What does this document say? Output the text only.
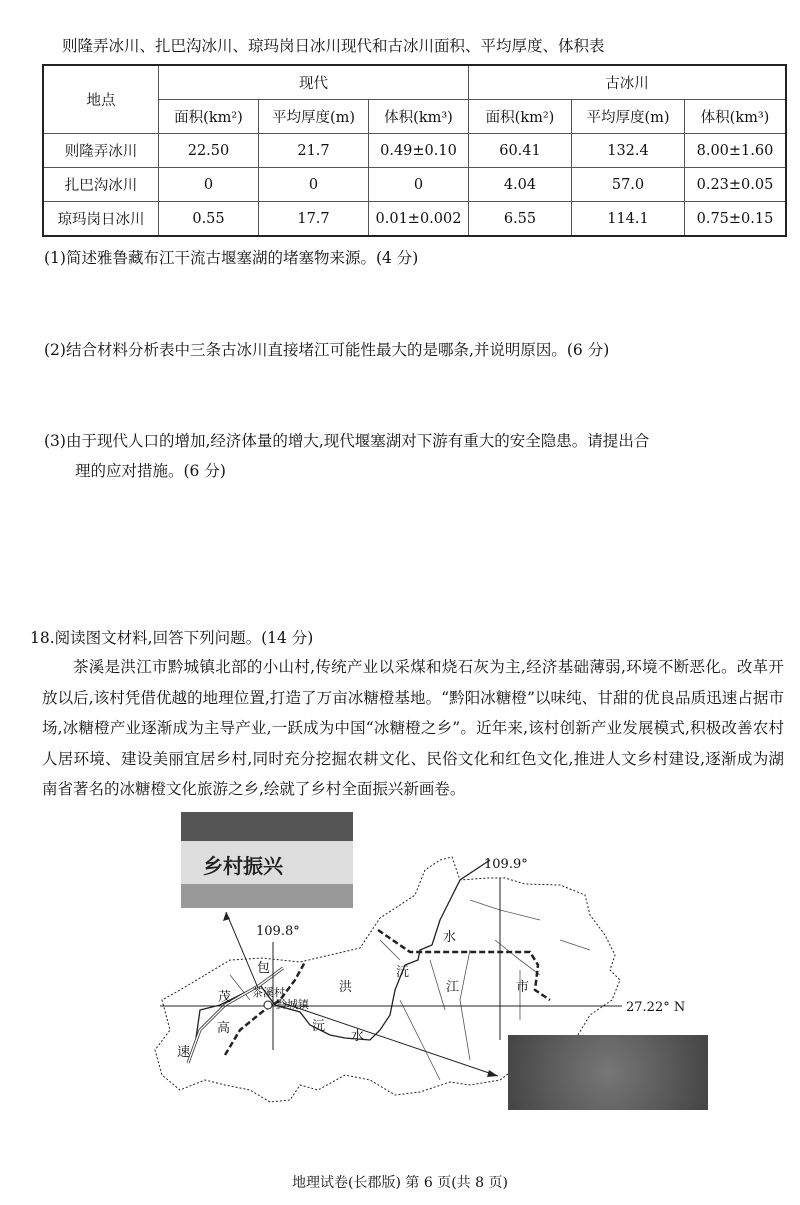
则隆弄冰川、扎巴沟冰川、琼玛岗日冰川现代和古冰川面积、平均厚度、体积表
地点	现代			古冰川		
	面积(km²)	平均厚度(m)	体积(km³)	面积(km²)	平均厚度(m)	体积(km³)
则隆弄冰川	22.50	21.7	0.49±0.10	60.41	132.4	8.00±1.60
扎巴沟冰川	0	0	0	4.04	57.0	0.23±0.05
琼玛岗日冰川	0.55	17.7	0.01±0.002	6.55	114.1	0.75±0.15
(1)简述雅鲁藏布江干流古堰塞湖的堵塞物来源。(4 分)
(2)结合材料分析表中三条古冰川直接堵江可能性最大的是哪条,并说明原因。(6 分)
(3)由于现代人口的增加,经济体量的增大,现代堰塞湖对下游有重大的安全隐患。请提出合
理的应对措施。(6 分)
18.阅读图文材料,回答下列问题。(14 分)
茶溪是洪江市黔城镇北部的小山村,传统产业以采煤和烧石灰为主,经济基础薄弱,环境不断恶化。改革开放以后,该村凭借优越的地理位置,打造了万亩冰糖橙基地。“黔阳冰糖橙”以味纯、甘甜的优良品质迅速占据市场,冰糖橙产业逐渐成为主导产业,一跃成为中国“冰糖橙之乡”。近年来,该村创新产业发展模式,积极改善农村人居环境、建设美丽宜居乡村,同时充分挖掘农耕文化、民俗文化和红色文化,推进人文乡村建设,逐渐成为湖南省著名的冰糖橙文化旅游之乡,绘就了乡村全面振兴新画卷。
乡村振兴	109.9°
109.8°
27.22° N
茶溪村
黔城镇
包
茂
高
速
沅
水
洪	江	市
沅
水
地理试卷(长郡版) 第 6 页(共 8 页)
